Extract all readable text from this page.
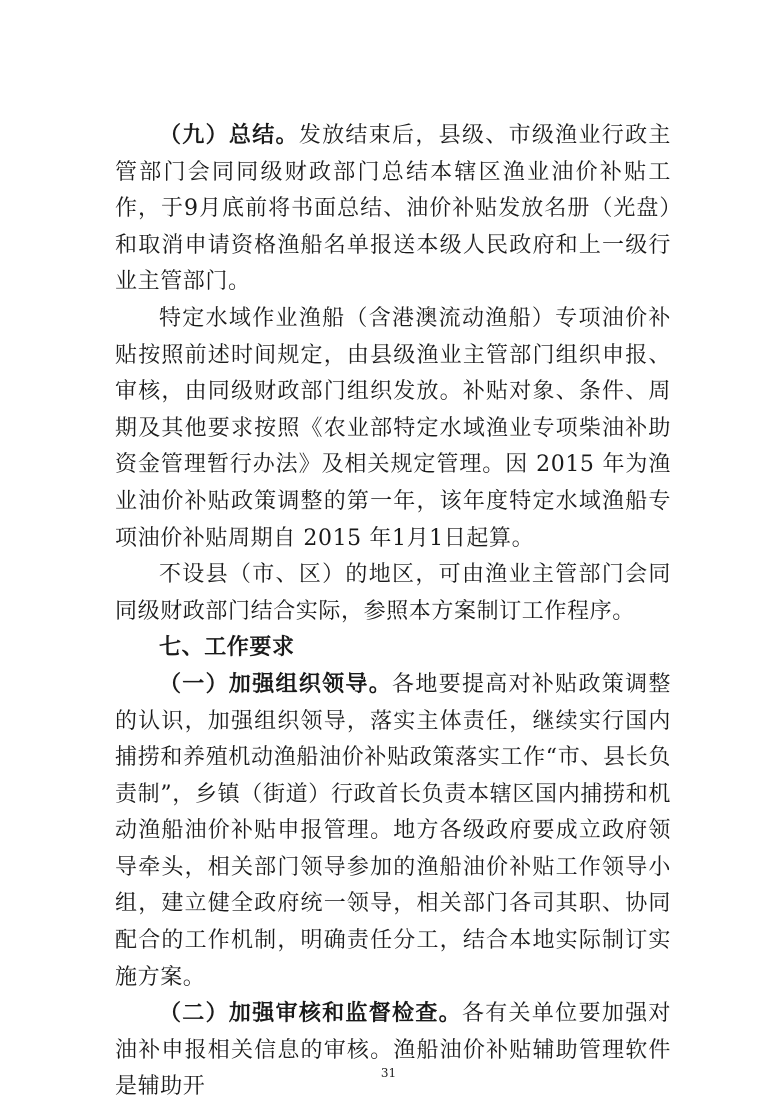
（九）总结。发放结束后，县级、市级渔业行政主管部门会同同级财政部门总结本辖区渔业油价补贴工作，于9月底前将书面总结、油价补贴发放名册（光盘）和取消申请资格渔船名单报送本级人民政府和上一级行业主管部门。

特定水域作业渔船（含港澳流动渔船）专项油价补贴按照前述时间规定，由县级渔业主管部门组织申报、审核，由同级财政部门组织发放。补贴对象、条件、周期及其他要求按照《农业部特定水域渔业专项柴油补助资金管理暂行办法》及相关规定管理。因 2015 年为渔业油价补贴政策调整的第一年，该年度特定水域渔船专项油价补贴周期自 2015 年1月1日起算。

不设县（市、区）的地区，可由渔业主管部门会同同级财政部门结合实际，参照本方案制订工作程序。

七、工作要求

（一）加强组织领导。各地要提高对补贴政策调整的认识，加强组织领导，落实主体责任，继续实行国内捕捞和养殖机动渔船油价补贴政策落实工作“市、县长负责制”，乡镇（街道）行政首长负责本辖区国内捕捞和机动渔船油价补贴申报管理。地方各级政府要成立政府领导牵头，相关部门领导参加的渔船油价补贴工作领导小组，建立健全政府统一领导，相关部门各司其职、协同配合的工作机制，明确责任分工，结合本地实际制订实施方案。

（二）加强审核和监督检查。各有关单位要加强对油补申报相关信息的审核。渔船油价补贴辅助管理软件是辅助开

31
